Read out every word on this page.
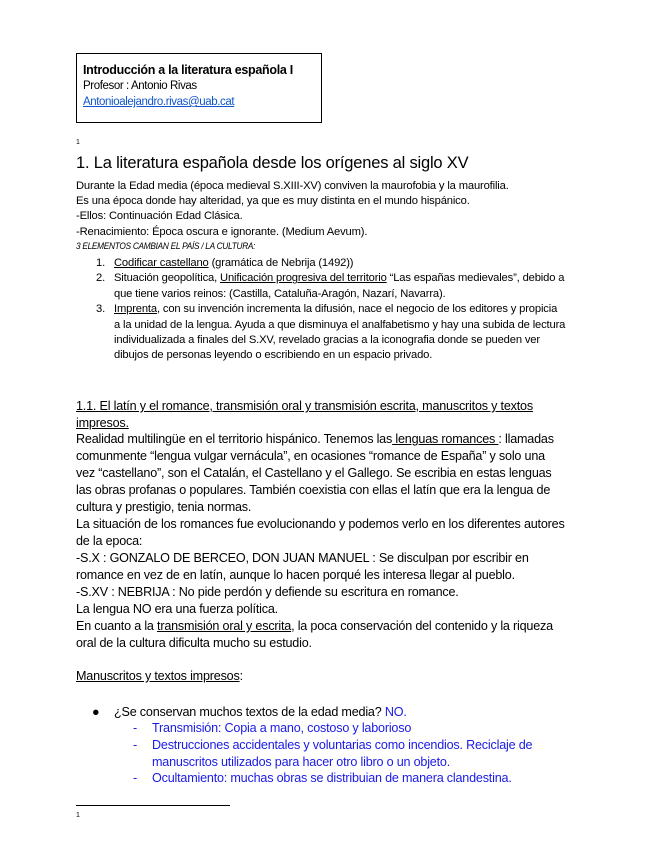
Introducción a la literatura española I
Profesor : Antonio Rivas
Antonioalejandro.rivas@uab.cat
1
1. La literatura española desde los orígenes al siglo XV
Durante la Edad media (época medieval S.XIII-XV) conviven la maurofobia y la maurofilia.
Es una época donde hay alteridad, ya que es muy distinta en el mundo hispánico.
-Ellos: Continuación Edad Clásica.
-Renacimiento: Época oscura e ignorante. (Medium Aevum).
3 ELEMENTOS CAMBIAN EL PAÍS / LA CULTURA:
1. Codificar castellano (gramática de Nebrija (1492))
2. Situación geopolítica, Unificación progresiva del territorio “Las españas medievales”, debido a que tiene varios reinos: (Castilla, Cataluña-Aragón, Nazarí, Navarra).
3. Imprenta, con su invención incrementa la difusión, nace el negocio de los editores y propicia a la unidad de la lengua. Ayuda a que disminuya el analfabetismo y hay una subida de lectura individualizada a finales del S.XV, revelado gracias a la iconografia donde se pueden ver dibujos de personas leyendo o escribiendo en un espacio privado.
1.1. El latín y el romance, transmisión oral y transmisión escrita, manuscritos y textos impresos.
Realidad multilingüe en el territorio hispánico. Tenemos las lenguas romances : llamadas comunmente “lengua vulgar vernácula”, en ocasiones “romance de España” y solo una vez “castellano”, son el Catalán, el Castellano y el Gallego. Se escribia en estas lenguas las obras profanas o populares. También coexistia con ellas el latín que era la lengua de cultura y prestigio, tenia normas.
La situación de los romances fue evolucionando y podemos verlo en los diferentes autores de la epoca:
-S.X : GONZALO DE BERCEO, DON JUAN MANUEL : Se disculpan por escribir en romance en vez de en latín, aunque lo hacen porqué les interesa llegar al pueblo.
-S.XV : NEBRIJA : No pide perdón y defiende su escritura en romance.
La lengua NO era una fuerza política.
En cuanto a la transmisión oral y escrita, la poca conservación del contenido y la riqueza oral de la cultura dificulta mucho su estudio.
Manuscritos y textos impresos:
● ¿Se conservan muchos textos de la edad media? NO.
- Transmisión: Copia a mano, costoso y laborioso
- Destrucciones accidentales y voluntarias como incendios. Reciclaje de manuscritos utilizados para hacer otro libro o un objeto.
- Ocultamiento: muchas obras se distribuian de manera clandestina.
1
